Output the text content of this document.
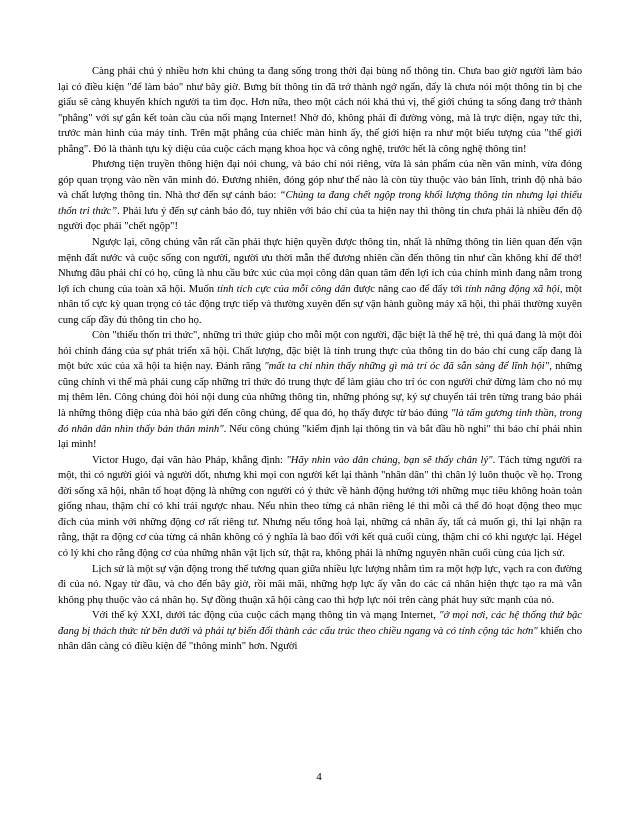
Càng phải chú ý nhiều hơn khi chúng ta đang sống trong thời đại bùng nổ thông tin. Chưa bao giờ người làm báo lại có điều kiện "để làm báo" như bây giờ. Bưng bít thông tin đã trở thành ngớ ngẩn, đấy là chưa nói một thông tin bị che giấu sẽ càng khuyến khích người ta tìm đọc. Hơn nữa, theo một cách nói khá thú vị, thế giới chúng ta sống đang trở thành "phẳng" với sự gắn kết toàn cầu của nối mạng Internet! Nhờ đó, không phải đi đường vòng, mà là trực diện, ngay tức thì, trước màn hình của máy tính. Trên mặt phẳng của chiếc màn hình ấy, thế giới hiện ra như một biểu tượng của "thế giới phẳng". Đó là thành tựu kỳ diệu của cuộc cách mạng khoa học và công nghệ, trước hết là công nghệ thông tin!

Phương tiện truyền thông hiện đại nói chung, và báo chí nói riêng, vừa là sản phẩm của nền văn minh, vừa đóng góp quan trọng vào nền văn minh đó. Đương nhiên, đóng góp như thế nào là còn tùy thuộc vào bản lĩnh, trình độ nhà báo và chất lượng thông tin. Nhà thơ đến sự cảnh báo: “Chúng ta đang chết ngộp trong khối lượng thông tin nhưng lại thiếu thốn tri thức”. Phải lưu ý đến sự cảnh báo đó, tuy nhiên với báo chí của ta hiện nay thì thông tin chưa phải là nhiều đến độ người đọc phải "chết ngộp"!

Ngược lại, công chúng vẫn rất cần phải thực hiện quyền được thông tin, nhất là những thông tin liên quan đến vận mệnh đất nước và cuộc sống con người, người ưu thời mẫn thế đương nhiên cần đến thông tin như cần không khí để thở! Nhưng đâu phải chỉ có họ, cũng là nhu cầu bức xúc của mọi công dân quan tâm đến lợi ích của chính mình đang nằm trong lợi ích chung của toàn xã hội. Muốn tính tích cực của mỗi công dân được nâng cao để đẩy tới tính năng động xã hội, một nhân tố cực kỳ quan trọng có tác động trực tiếp và thường xuyên đến sự vận hành guồng máy xã hội, thì phải thường xuyên cung cấp đầy đủ thông tin cho họ.

Còn "thiếu thốn tri thức", những tri thức giúp cho mỗi một con người, đặc biệt là thế hệ trẻ, thì quả đang là một đòi hỏi chính đáng của sự phát triển xã hội. Chất lượng, đặc biệt là tính trung thực của thông tin do báo chí cung cấp đang là một bức xúc của xã hội ta hiện nay. Đánh răng "mất ta chỉ nhìn thấy những gì mà trí óc đã sẵn sàng để lĩnh hội", những cũng chính vì thế mà phải cung cấp những tri thức đó trung thực để làm giàu cho trí óc con người chứ đừng làm cho nó mụ mị thêm lên. Công chúng đòi hỏi nội dung của những thông tin, những phóng sự, ký sự chuyển tải trên từng trang báo phải là những thông điệp của nhà báo gửi đến công chúng, để qua đó, họ thấy được từ báo đúng "là tấm gương tinh thần, trong đó nhân dân nhìn thấy bản thân mình". Nếu công chúng "kiểm định lại thông tin và bắt đầu hồ nghi" thì báo chí phải nhìn lại mình!

Victor Hugo, đại văn hào Pháp, khẳng định: "Hãy nhìn vào dân chúng, bạn sẽ thấy chân lý". Tách từng người ra một, thì có người giỏi và người dốt, nhưng khi mọi con người kết lại thành "nhân dân" thì chân lý luôn thuộc về họ. Trong đời sống xã hội, nhân tố hoạt động là những con người có ý thức về hành động hướng tới những mục tiêu không hoàn toàn giống nhau, thậm chí có khi trái ngược nhau. Nếu nhìn theo từng cá nhân riêng lẻ thì mỗi cá thể đó hoạt động theo mục đích của mình với những động cơ rất riêng tư. Nhưng nếu tổng hoà lại, những cá nhân ấy, tất cả muốn gì, thì lại nhận ra rằng, thật ra động cơ của từng cá nhân không có ý nghĩa là bao đối với kết quả cuối cùng, thậm chí có khi ngược lại. Hégel có lý khi cho rằng động cơ của những nhân vật lịch sử, thật ra, không phải là những nguyên nhân cuối cùng của lịch sử.

Lịch sử là một sự vận động trong thế tương quan giữa nhiều lực lượng nhằm tìm ra một hợp lực, vạch ra con đường đi của nó. Ngay từ đầu, và cho đến bây giờ, rồi mãi mãi, những hợp lực ấy vẫn do các cá nhân hiện thực tạo ra mà vẫn không phụ thuộc vào cá nhân họ. Sự đồng thuận xã hội càng cao thì hợp lực nói trên càng phát huy sức mạnh của nó.

Với thế kỷ XXI, dưới tác động của cuộc cách mạng thông tin và mạng Internet, "ở mọi nơi, các hệ thống thứ bậc đang bị thách thức từ bên dưới và phải tự biến đổi thành các cấu trúc theo chiều ngang và có tính cộng tác hơn" khiến cho nhân dân càng có điều kiện để "thông minh" hơn. Người

4
